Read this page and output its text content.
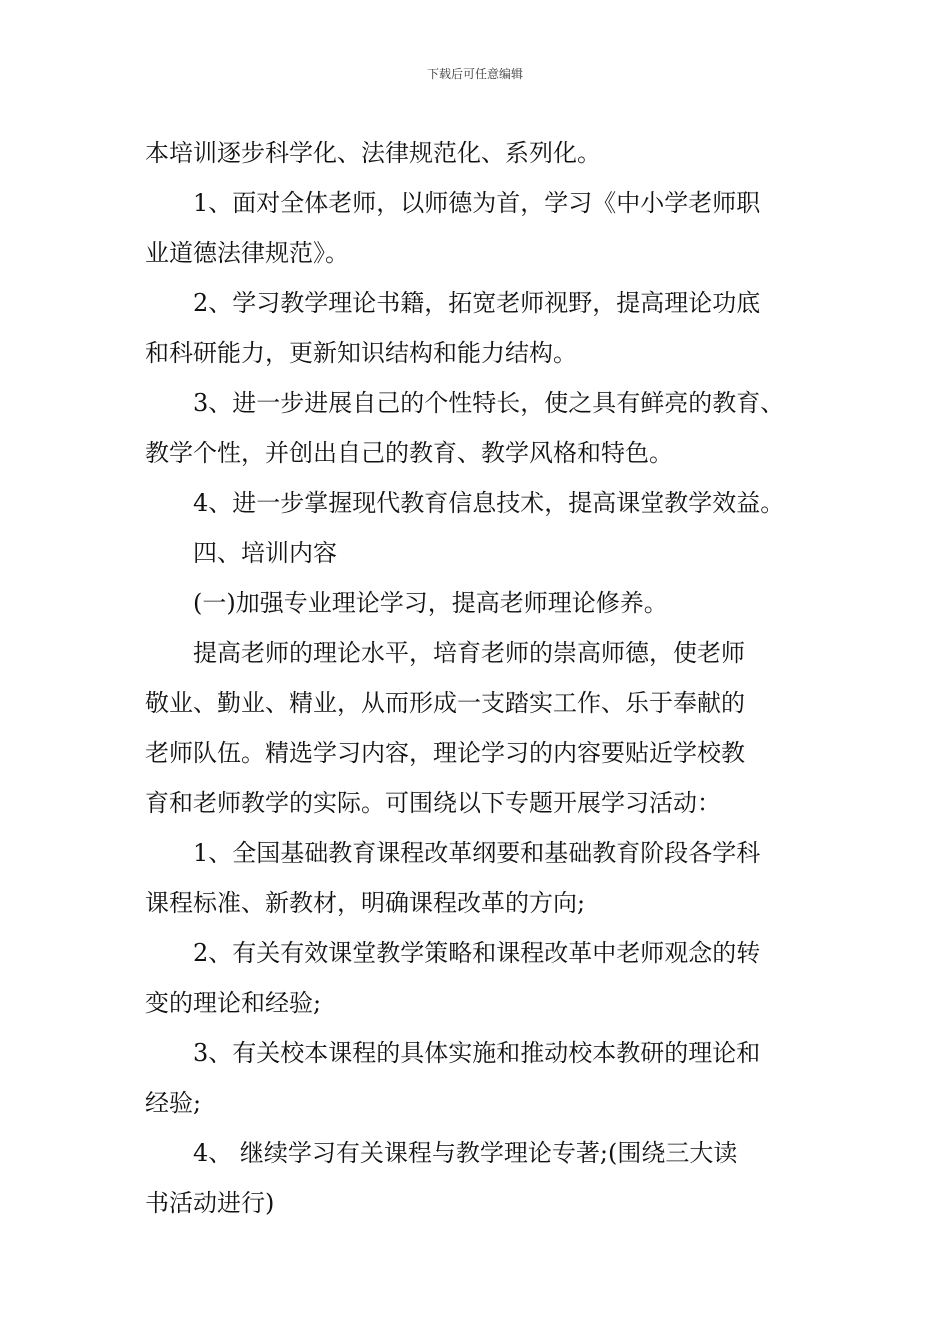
下载后可任意编辑
本培训逐步科学化、法律规范化、系列化。
1、面对全体老师，以师德为首，学习《中小学老师职
业道德法律规范》。
2、学习教学理论书籍，拓宽老师视野，提高理论功底
和科研能力，更新知识结构和能力结构。
3、进一步进展自己的个性特长，使之具有鲜亮的教育、
教学个性，并创出自己的教育、教学风格和特色。
4、进一步掌握现代教育信息技术，提高课堂教学效益。
四、培训内容
(一)加强专业理论学习，提高老师理论修养。
提高老师的理论水平，培育老师的崇高师德，使老师
敬业、勤业、精业，从而形成一支踏实工作、乐于奉献的
老师队伍。精选学习内容，理论学习的内容要贴近学校教
育和老师教学的实际。可围绕以下专题开展学习活动：
1、全国基础教育课程改革纲要和基础教育阶段各学科
课程标准、新教材，明确课程改革的方向;
2、有关有效课堂教学策略和课程改革中老师观念的转
变的理论和经验;
3、有关校本课程的具体实施和推动校本教研的理论和
经验;
4、 继续学习有关课程与教学理论专著;(围绕三大读
书活动进行)
